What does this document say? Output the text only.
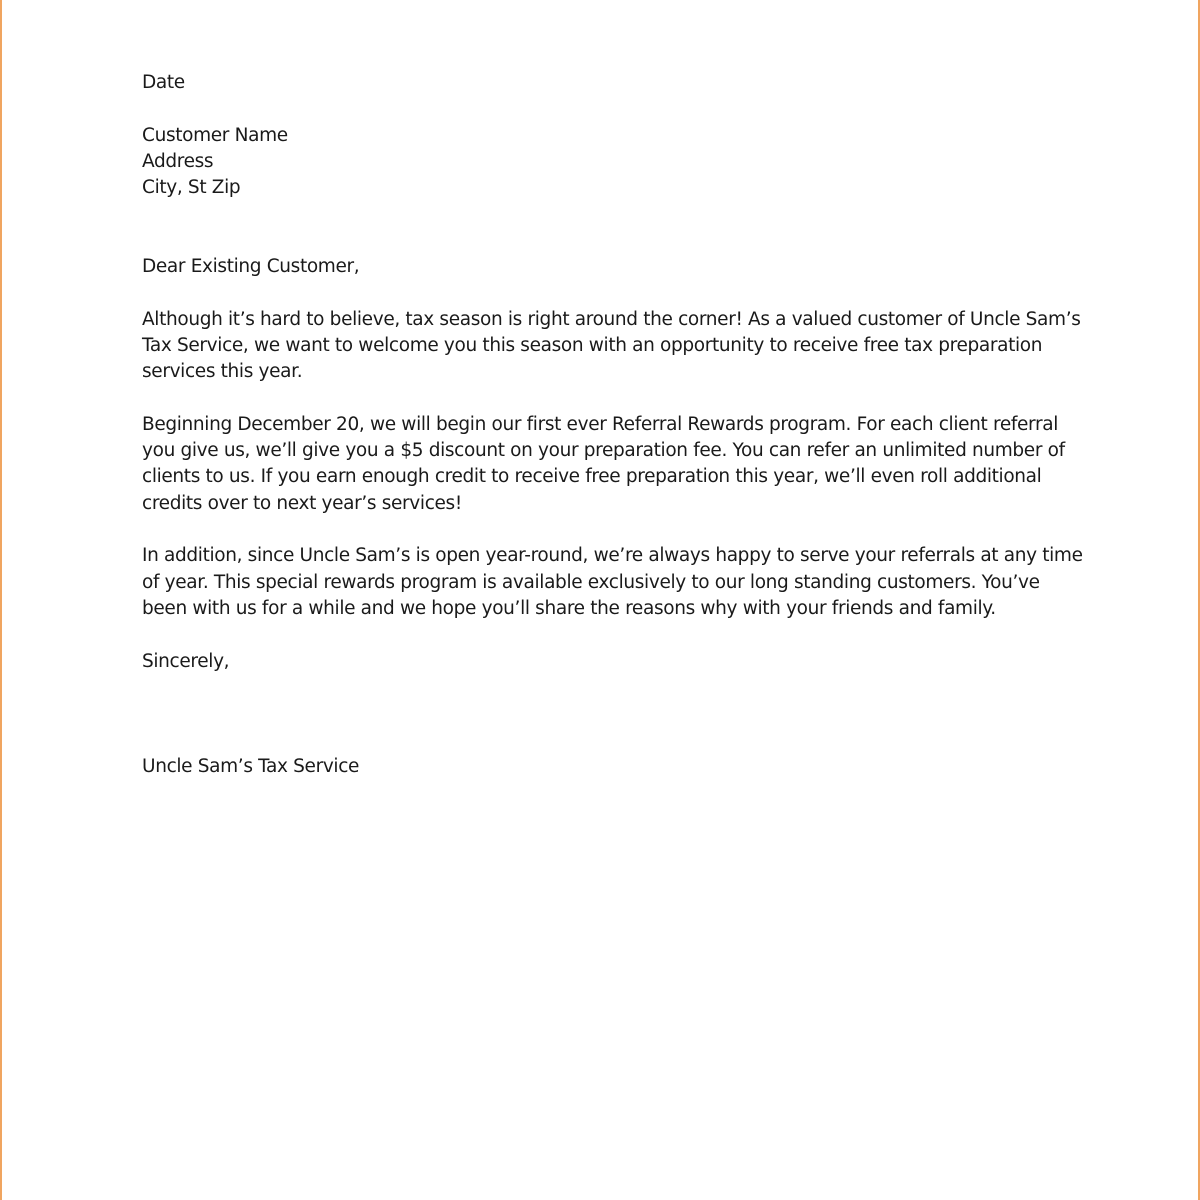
Date
Customer Name
Address
City, St Zip
Dear Existing Customer,
Although it’s hard to believe, tax season is right around the corner! As a valued customer of Uncle Sam’s
Tax Service, we want to welcome you this season with an opportunity to receive free tax preparation
services this year.
Beginning December 20, we will begin our first ever Referral Rewards program. For each client referral
you give us, we’ll give you a $5 discount on your preparation fee. You can refer an unlimited number of
clients to us. If you earn enough credit to receive free preparation this year, we’ll even roll additional
credits over to next year’s services!
In addition, since Uncle Sam’s is open year-round, we’re always happy to serve your referrals at any time
of year. This special rewards program is available exclusively to our long standing customers. You’ve
been with us for a while and we hope you’ll share the reasons why with your friends and family.
Sincerely,
Uncle Sam’s Tax Service
